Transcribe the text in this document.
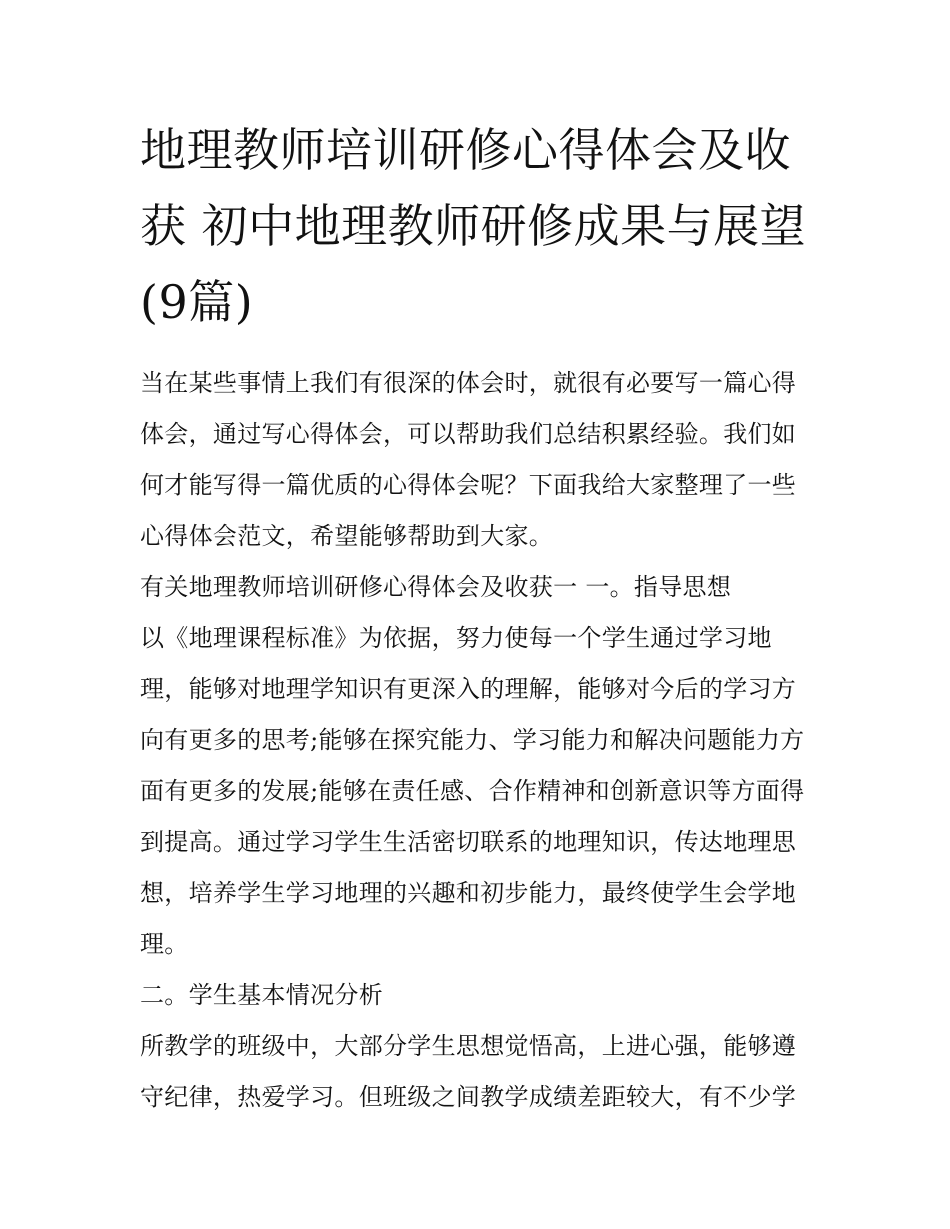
地理教师培训研修心得体会及收获 初中地理教师研修成果与展望(9篇)

当在某些事情上我们有很深的体会时，就很有必要写一篇心得体会，通过写心得体会，可以帮助我们总结积累经验。我们如何才能写得一篇优质的心得体会呢？下面我给大家整理了一些心得体会范文，希望能够帮助到大家。

有关地理教师培训研修心得体会及收获一 一。指导思想

以《地理课程标准》为依据，努力使每一个学生通过学习地理，能够对地理学知识有更深入的理解，能够对今后的学习方向有更多的思考;能够在探究能力、学习能力和解决问题能力方面有更多的发展;能够在责任感、合作精神和创新意识等方面得到提高。通过学习学生生活密切联系的地理知识，传达地理思想，培养学生学习地理的兴趣和初步能力，最终使学生会学地理。

二。学生基本情况分析

所教学的班级中，大部分学生思想觉悟高，上进心强，能够遵守纪律，热爱学习。但班级之间教学成绩差距较大，有不少学
